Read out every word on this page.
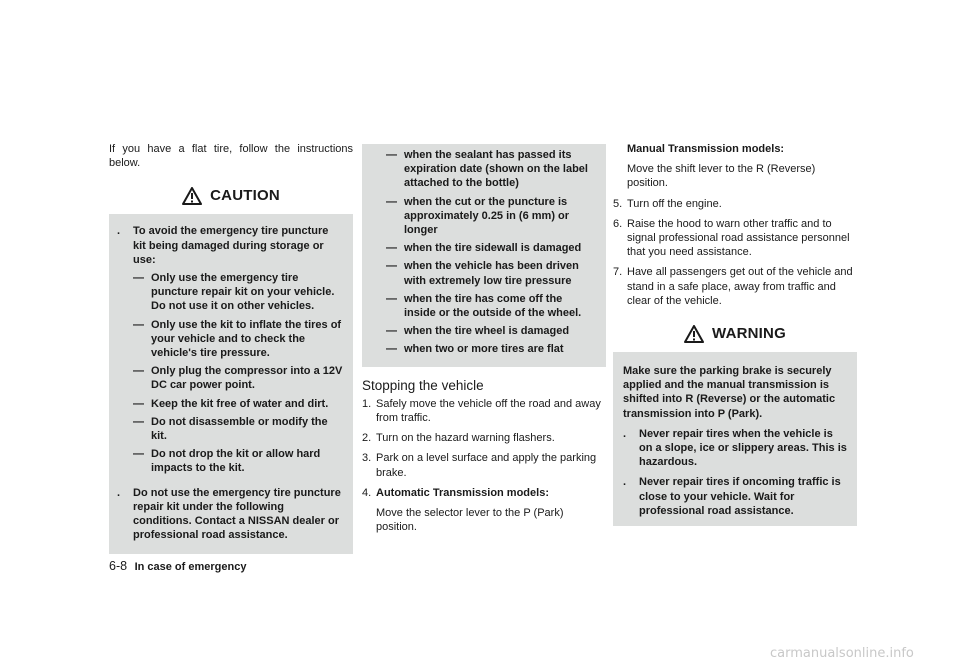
If you have a flat tire, follow the instructions below.

CAUTION
.	To avoid the emergency tire puncture kit being damaged during storage or use:
— Only use the emergency tire puncture repair kit on your vehicle. Do not use it on other vehicles.
— Only use the kit to inflate the tires of your vehicle and to check the vehicle's tire pressure.
— Only plug the compressor into a 12V DC car power point.
— Keep the kit free of water and dirt.
— Do not disassemble or modify the kit.
— Do not drop the kit or allow hard impacts to the kit.
.	Do not use the emergency tire puncture repair kit under the following conditions. Contact a NISSAN dealer or professional road assistance.
— when the sealant has passed its expiration date (shown on the label attached to the bottle)
— when the cut or the puncture is approximately 0.25 in (6 mm) or longer
— when the tire sidewall is damaged
— when the vehicle has been driven with extremely low tire pressure
— when the tire has come off the inside or the outside of the wheel.
— when the tire wheel is damaged
— when two or more tires are flat
Stopping the vehicle
1. Safely move the vehicle off the road and away from traffic.
2. Turn on the hazard warning flashers.
3. Park on a level surface and apply the parking brake.
4. Automatic Transmission models:

Move the selector lever to the P (Park) position.

Manual Transmission models:

Move the shift lever to the R (Reverse) position.

5. Turn off the engine.
6. Raise the hood to warn other traffic and to signal professional road assistance personnel that you need assistance.
7. Have all passengers get out of the vehicle and stand in a safe place, away from traffic and clear of the vehicle.
WARNING

Make sure the parking brake is securely applied and the manual transmission is shifted into R (Reverse) or the automatic transmission into P (Park).

.	Never repair tires when the vehicle is on a slope, ice or slippery areas. This is hazardous.
.	Never repair tires if oncoming traffic is close to your vehicle. Wait for professional road assistance.
6-8 In case of emergency
carmanualsonline.info
